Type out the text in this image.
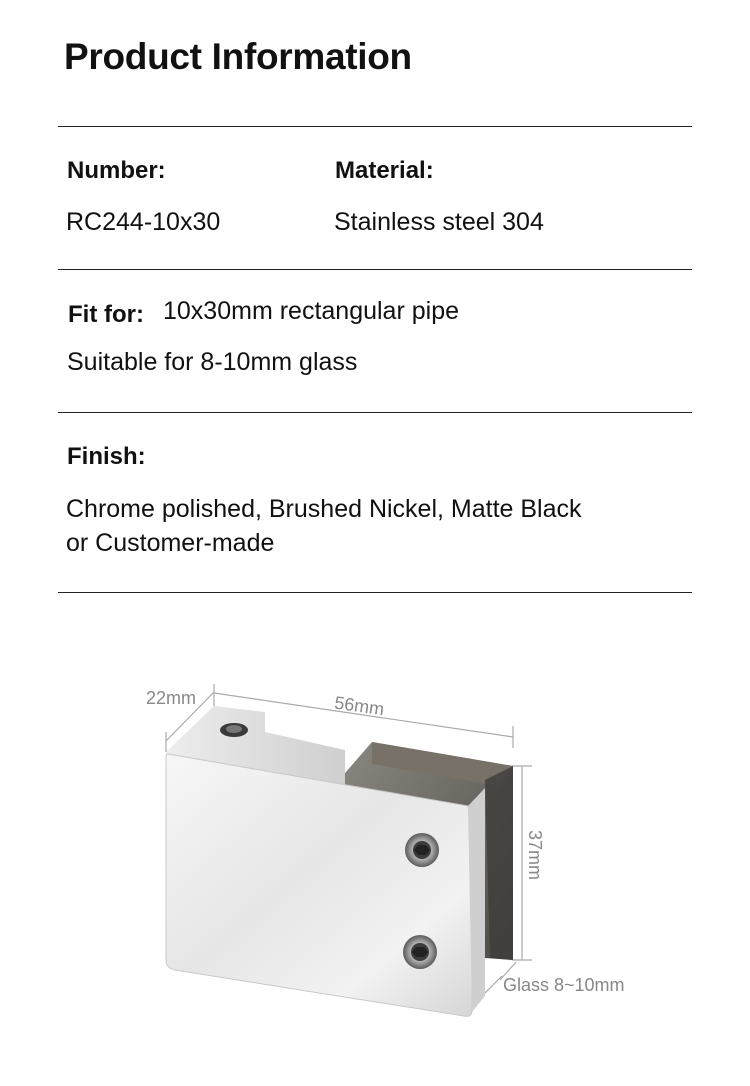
Product Information
Number:	Material:
RC244-10x30	Stainless steel 304
Fit for: 10x30mm rectangular pipe
Suitable for 8-10mm glass
Finish:
Chrome polished, Brushed Nickel, Matte Black
or Customer-made
22mm	56mm
37mm
Glass 8~10mm
